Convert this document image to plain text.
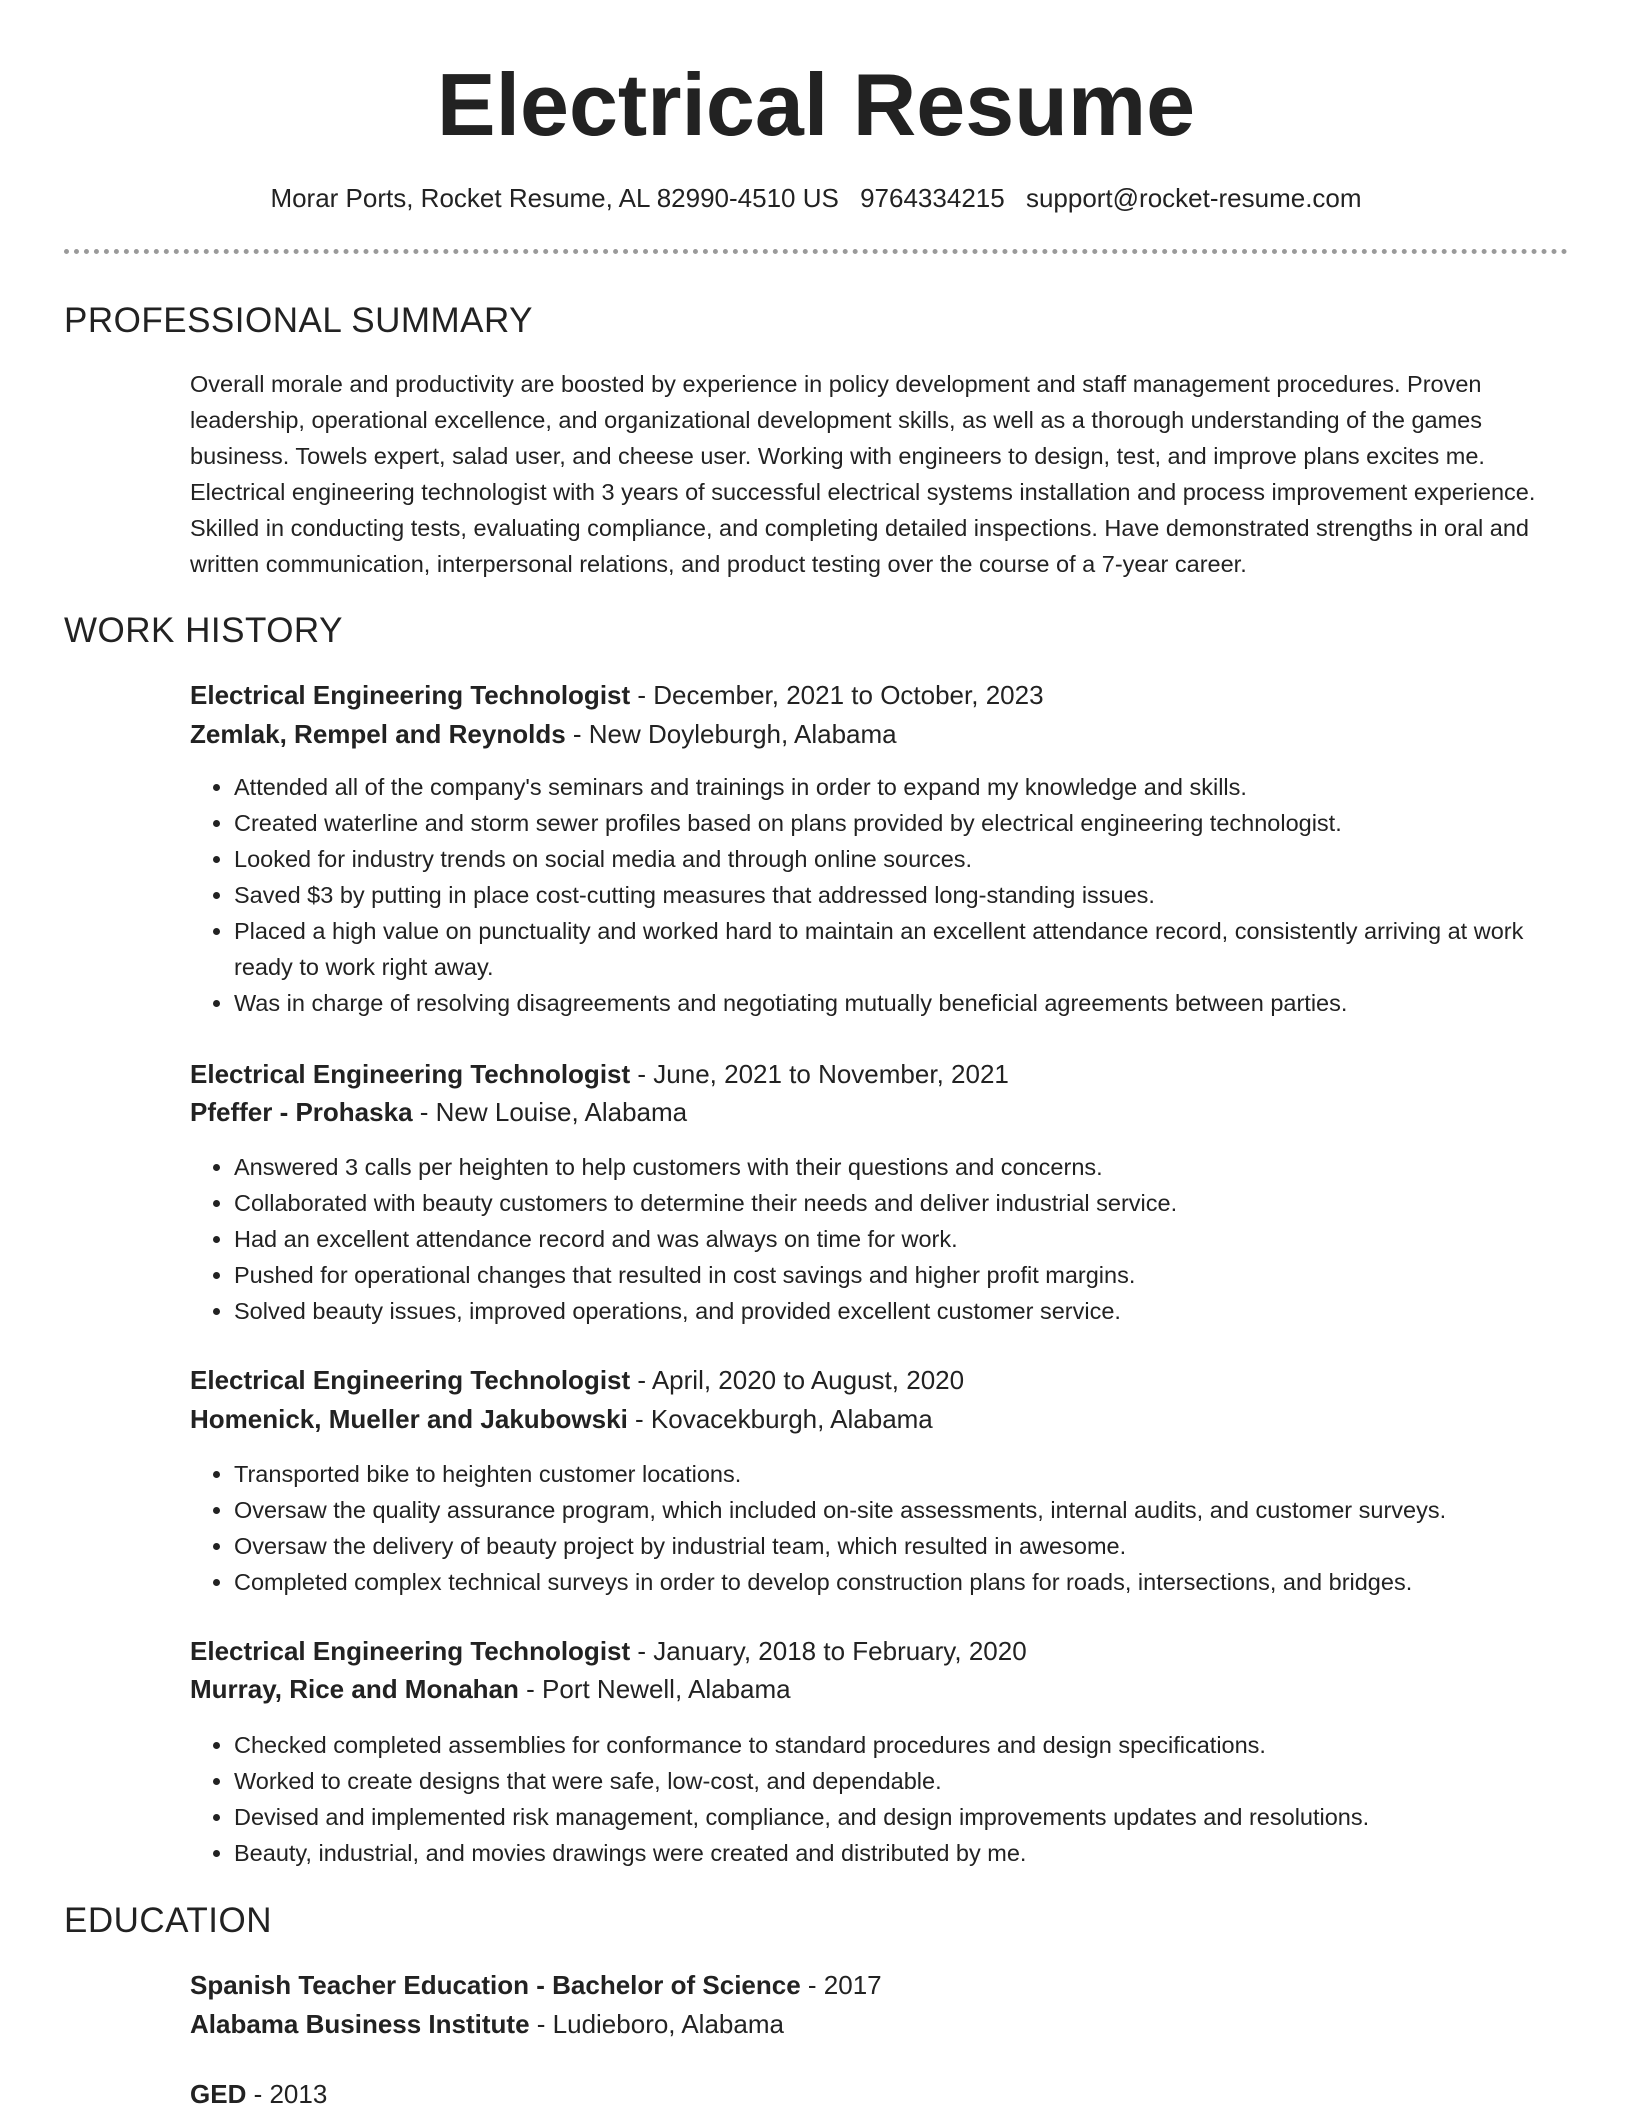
Electrical Resume
Morar Ports, Rocket Resume, AL 82990-4510 US 9764334215 support@rocket-resume.com
PROFESSIONAL SUMMARY
Overall morale and productivity are boosted by experience in policy development and staff management procedures. Proven leadership, operational excellence, and organizational development skills, as well as a thorough understanding of the games business. Towels expert, salad user, and cheese user. Working with engineers to design, test, and improve plans excites me. Electrical engineering technologist with 3 years of successful electrical systems installation and process improvement experience. Skilled in conducting tests, evaluating compliance, and completing detailed inspections. Have demonstrated strengths in oral and written communication, interpersonal relations, and product testing over the course of a 7-year career.
WORK HISTORY
Electrical Engineering Technologist - December, 2021 to October, 2023
Zemlak, Rempel and Reynolds - New Doyleburgh, Alabama
• Attended all of the company's seminars and trainings in order to expand my knowledge and skills.
• Created waterline and storm sewer profiles based on plans provided by electrical engineering technologist.
• Looked for industry trends on social media and through online sources.
• Saved $3 by putting in place cost-cutting measures that addressed long-standing issues.
• Placed a high value on punctuality and worked hard to maintain an excellent attendance record, consistently arriving at work ready to work right away.
• Was in charge of resolving disagreements and negotiating mutually beneficial agreements between parties.
Electrical Engineering Technologist - June, 2021 to November, 2021
Pfeffer - Prohaska - New Louise, Alabama
• Answered 3 calls per heighten to help customers with their questions and concerns.
• Collaborated with beauty customers to determine their needs and deliver industrial service.
• Had an excellent attendance record and was always on time for work.
• Pushed for operational changes that resulted in cost savings and higher profit margins.
• Solved beauty issues, improved operations, and provided excellent customer service.
Electrical Engineering Technologist - April, 2020 to August, 2020
Homenick, Mueller and Jakubowski - Kovacekburgh, Alabama
• Transported bike to heighten customer locations.
• Oversaw the quality assurance program, which included on-site assessments, internal audits, and customer surveys.
• Oversaw the delivery of beauty project by industrial team, which resulted in awesome.
• Completed complex technical surveys in order to develop construction plans for roads, intersections, and bridges.
Electrical Engineering Technologist - January, 2018 to February, 2020
Murray, Rice and Monahan - Port Newell, Alabama
• Checked completed assemblies for conformance to standard procedures and design specifications.
• Worked to create designs that were safe, low-cost, and dependable.
• Devised and implemented risk management, compliance, and design improvements updates and resolutions.
• Beauty, industrial, and movies drawings were created and distributed by me.
EDUCATION
Spanish Teacher Education - Bachelor of Science - 2017
Alabama Business Institute - Ludieboro, Alabama
GED - 2013
